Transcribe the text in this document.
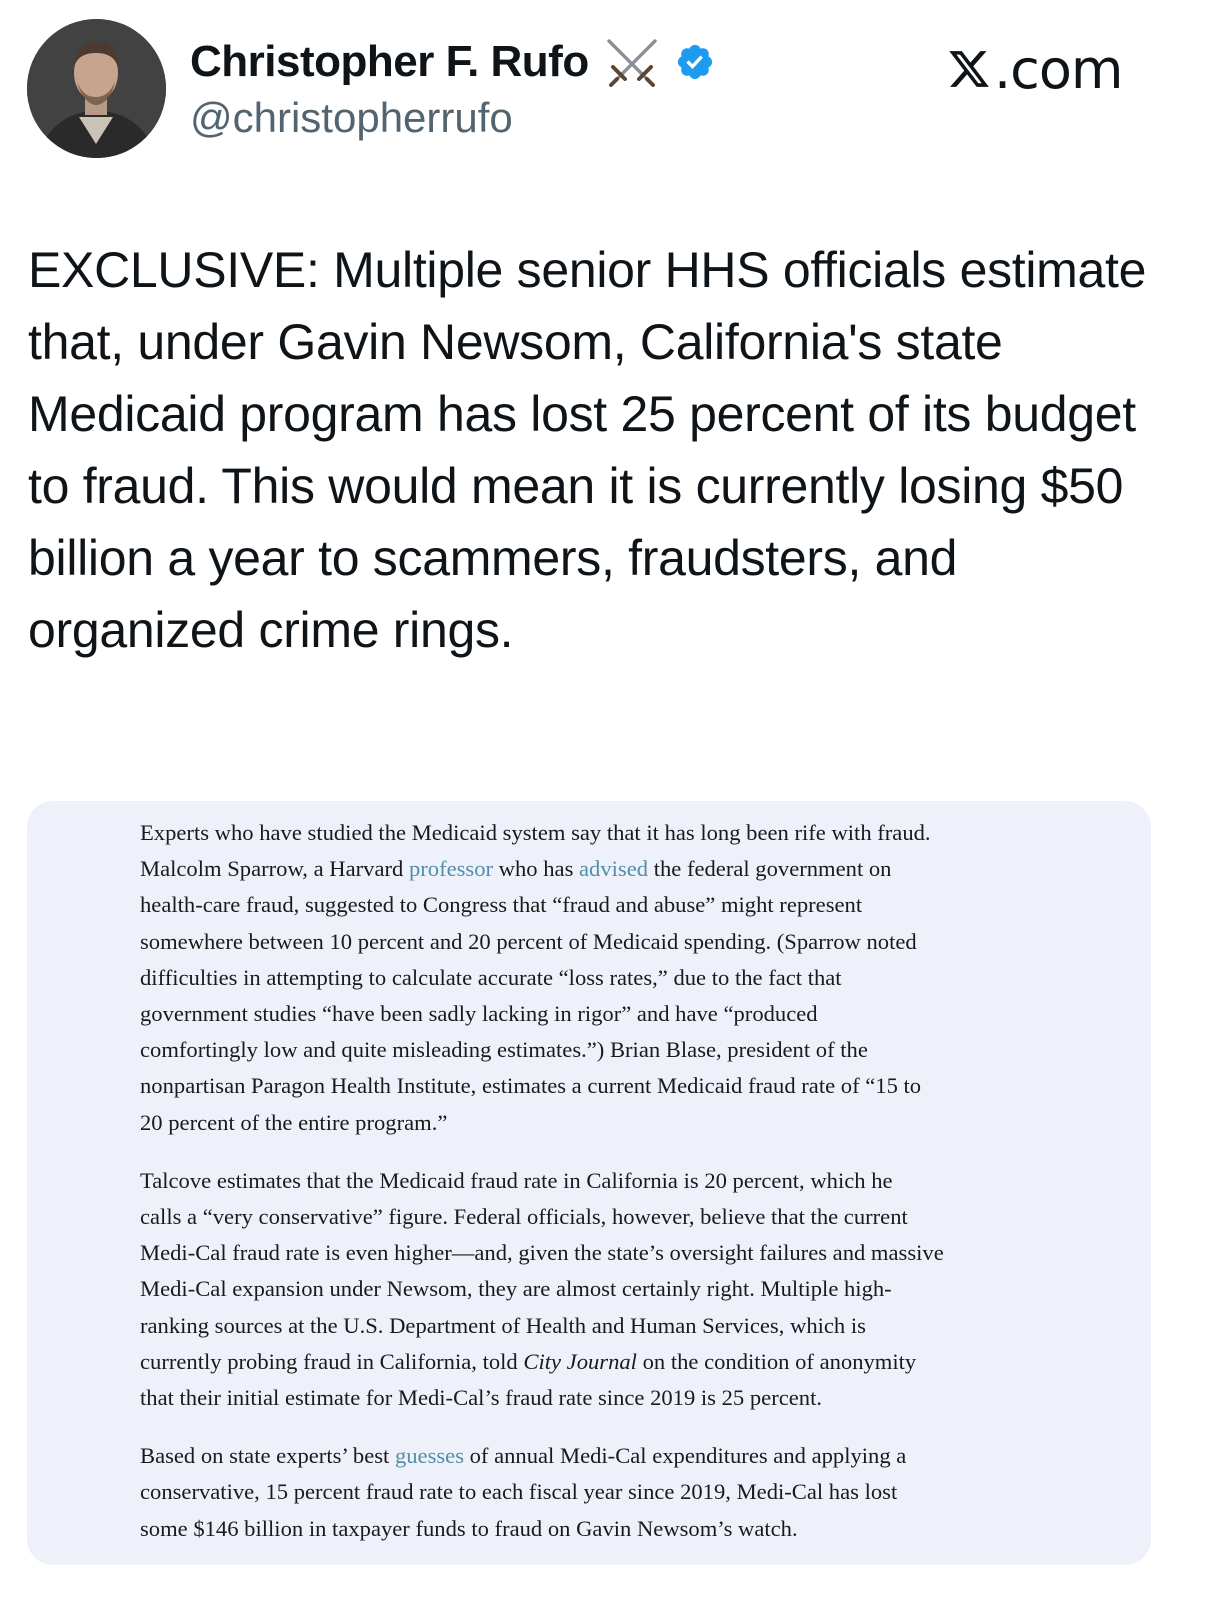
Christopher F. Rufo
@christopherrufo
.com

EXCLUSIVE: Multiple senior HHS officials estimate that, under Gavin Newsom, California's state Medicaid program has lost 25 percent of its budget to fraud. This would mean it is currently losing $50 billion a year to scammers, fraudsters, and organized crime rings.

Experts who have studied the Medicaid system say that it has long been rife with fraud.
Malcolm Sparrow, a Harvard professor who has advised the federal government on
health-care fraud, suggested to Congress that “fraud and abuse” might represent
somewhere between 10 percent and 20 percent of Medicaid spending. (Sparrow noted
difficulties in attempting to calculate accurate “loss rates,” due to the fact that
government studies “have been sadly lacking in rigor” and have “produced
comfortingly low and quite misleading estimates.”) Brian Blase, president of the
nonpartisan Paragon Health Institute, estimates a current Medicaid fraud rate of “15 to
20 percent of the entire program.”

Talcove estimates that the Medicaid fraud rate in California is 20 percent, which he
calls a “very conservative” figure. Federal officials, however, believe that the current
Medi-Cal fraud rate is even higher—and, given the state’s oversight failures and massive
Medi-Cal expansion under Newsom, they are almost certainly right. Multiple high-
ranking sources at the U.S. Department of Health and Human Services, which is
currently probing fraud in California, told City Journal on the condition of anonymity
that their initial estimate for Medi-Cal’s fraud rate since 2019 is 25 percent.

Based on state experts’ best guesses of annual Medi-Cal expenditures and applying a
conservative, 15 percent fraud rate to each fiscal year since 2019, Medi-Cal has lost
some $146 billion in taxpayer funds to fraud on Gavin Newsom’s watch.
